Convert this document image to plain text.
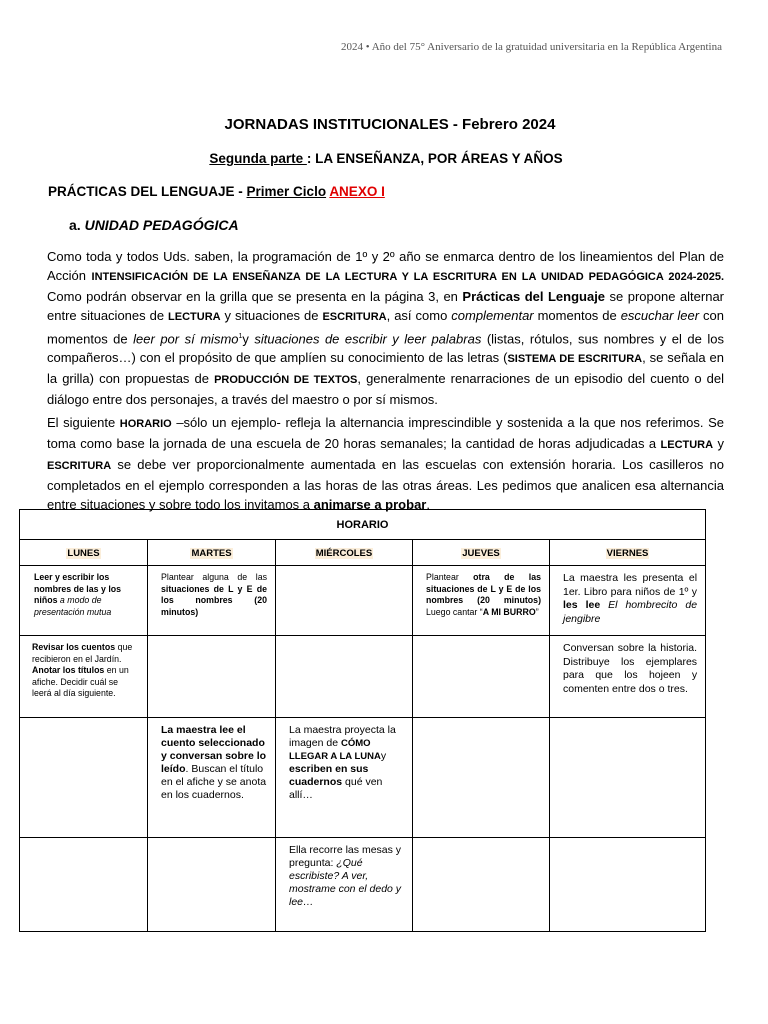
2024 • Año del 75° Aniversario de la gratuidad universitaria en la República Argentina
JORNADAS INSTITUCIONALES - Febrero 2024
Segunda parte : LA ENSEÑANZA, POR ÁREAS Y AÑOS
PRÁCTICAS DEL LENGUAJE - Primer Ciclo ANEXO I
a. UNIDAD PEDAGÓGICA
Como toda y todos Uds. saben, la programación de 1º y 2º año se enmarca dentro de los lineamientos del Plan de Acción INTENSIFICACIÓN DE LA ENSEÑANZA DE LA LECTURA Y LA ESCRITURA EN LA UNIDAD PEDAGÓGICA 2024-2025. Como podrán observar en la grilla que se presenta en la página 3, en Prácticas del Lenguaje se propone alternar entre situaciones de LECTURA y situaciones de ESCRITURA, así como complementar momentos de escuchar leer con momentos de leer por sí mismo$^1$y situaciones de escribir y leer palabras (listas, rótulos, sus nombres y el de los compañeros…) con el propósito de que amplíen su conocimiento de las letras (SISTEMA DE ESCRITURA, se señala en la grilla) con propuestas de PRODUCCIÓN DE TEXTOS, generalmente renarraciones de un episodio del cuento o del diálogo entre dos personajes, a través del maestro o por sí mismos.
El siguiente HORARIO –sólo un ejemplo- refleja la alternancia imprescindible y sostenida a la que nos referimos. Se toma como base la jornada de una escuela de 20 horas semanales; la cantidad de horas adjudicadas a LECTURA y ESCRITURA se debe ver proporcionalmente aumentada en las escuelas con extensión horaria. Los casilleros no completados en el ejemplo corresponden a las horas de las otras áreas. Les pedimos que analicen esa alternancia entre situaciones y sobre todo los invitamos a animarse a probar.
HORARIO				
LUNES	MARTES	MIÉRCOLES	JUEVES	VIERNES
Leer y escribir los nombres de las y los niños a modo de presentación mutua	Plantear alguna de las situaciones de L y E de los nombres (20 minutos)		Plantear otra de las situaciones de L y E de los nombres (20 minutos) Luego cantar “A MI BURRO”	La maestra les presenta el 1er. Libro para niños de 1º y les lee El hombrecito de jengibre
Revisar los cuentos que recibieron en el Jardín. Anotar los títulos en un afiche. Decidir cuál se leerá al día siguiente.				Conversan sobre la historia. Distribuye los ejemplares para que los hojeen y comenten entre dos o tres.
	La maestra lee el cuento seleccionado y conversan sobre lo leído. Buscan el título en el afiche y se anota en los cuadernos.	La maestra proyecta la imagen de CÓMO LLEGAR A LA LUNAy escriben en sus cuadernos qué ven allí…		
		Ella recorre las mesas y pregunta: ¿Qué escribiste? A ver, mostrame con el dedo y lee…		
